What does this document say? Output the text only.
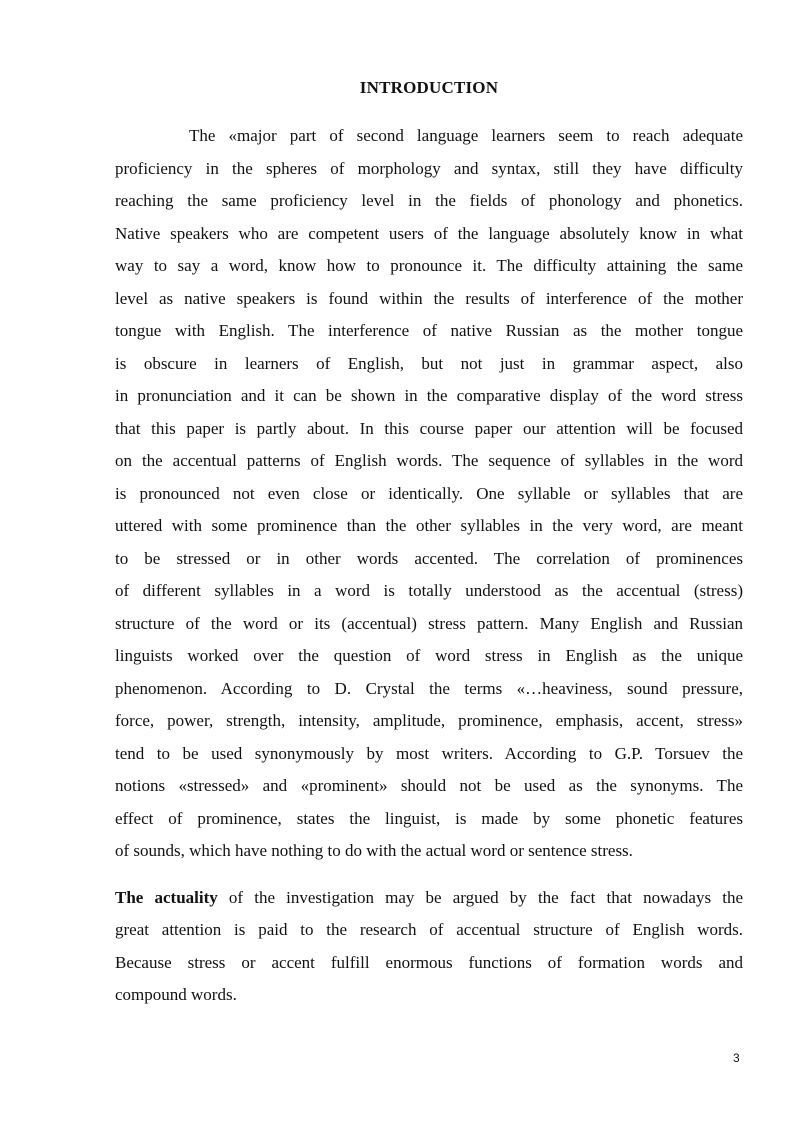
INTRODUCTION
The «major part of second language learners seem to reach adequate
proficiency in the spheres of morphology and syntax, still they have difficulty
reaching the same proficiency level in the fields of phonology and phonetics.
Native speakers who are competent users of the language absolutely know in what
way to say a word, know how to pronounce it. The difficulty attaining the same
level as native speakers is found within the results of interference of the mother
tongue with English. The interference of native Russian as the mother tongue
is obscure in learners of English, but not just in grammar aspect, also
in pronunciation and it can be shown in the comparative display of the word stress
that this paper is partly about. In this course paper our attention will be focused
on the accentual patterns of English words. The sequence of syllables in the word
is pronounced not even close or identically. One syllable or syllables that are
uttered with some prominence than the other syllables in the very word, are meant
to be stressed or in other words accented. The correlation of prominences
of different syllables in a word is totally understood as the accentual (stress)
structure of the word or its (accentual) stress pattern. Many English and Russian
linguists worked over the question of word stress in English as the unique
phenomenon. According to D. Crystal the terms «…heaviness, sound pressure,
force, power, strength, intensity, amplitude, prominence, emphasis, accent, stress»
tend to be used synonymously by most writers. According to G.P. Torsuev the
notions «stressed» and «prominent» should not be used as the synonyms. The
effect of prominence, states the linguist, is made by some phonetic features
of sounds, which have nothing to do with the actual word or sentence stress.
The actuality of the investigation may be argued by the fact that nowadays the
great attention is paid to the research of accentual structure of English words.
Because stress or accent fulfill enormous functions of formation words and
compound words.
3
